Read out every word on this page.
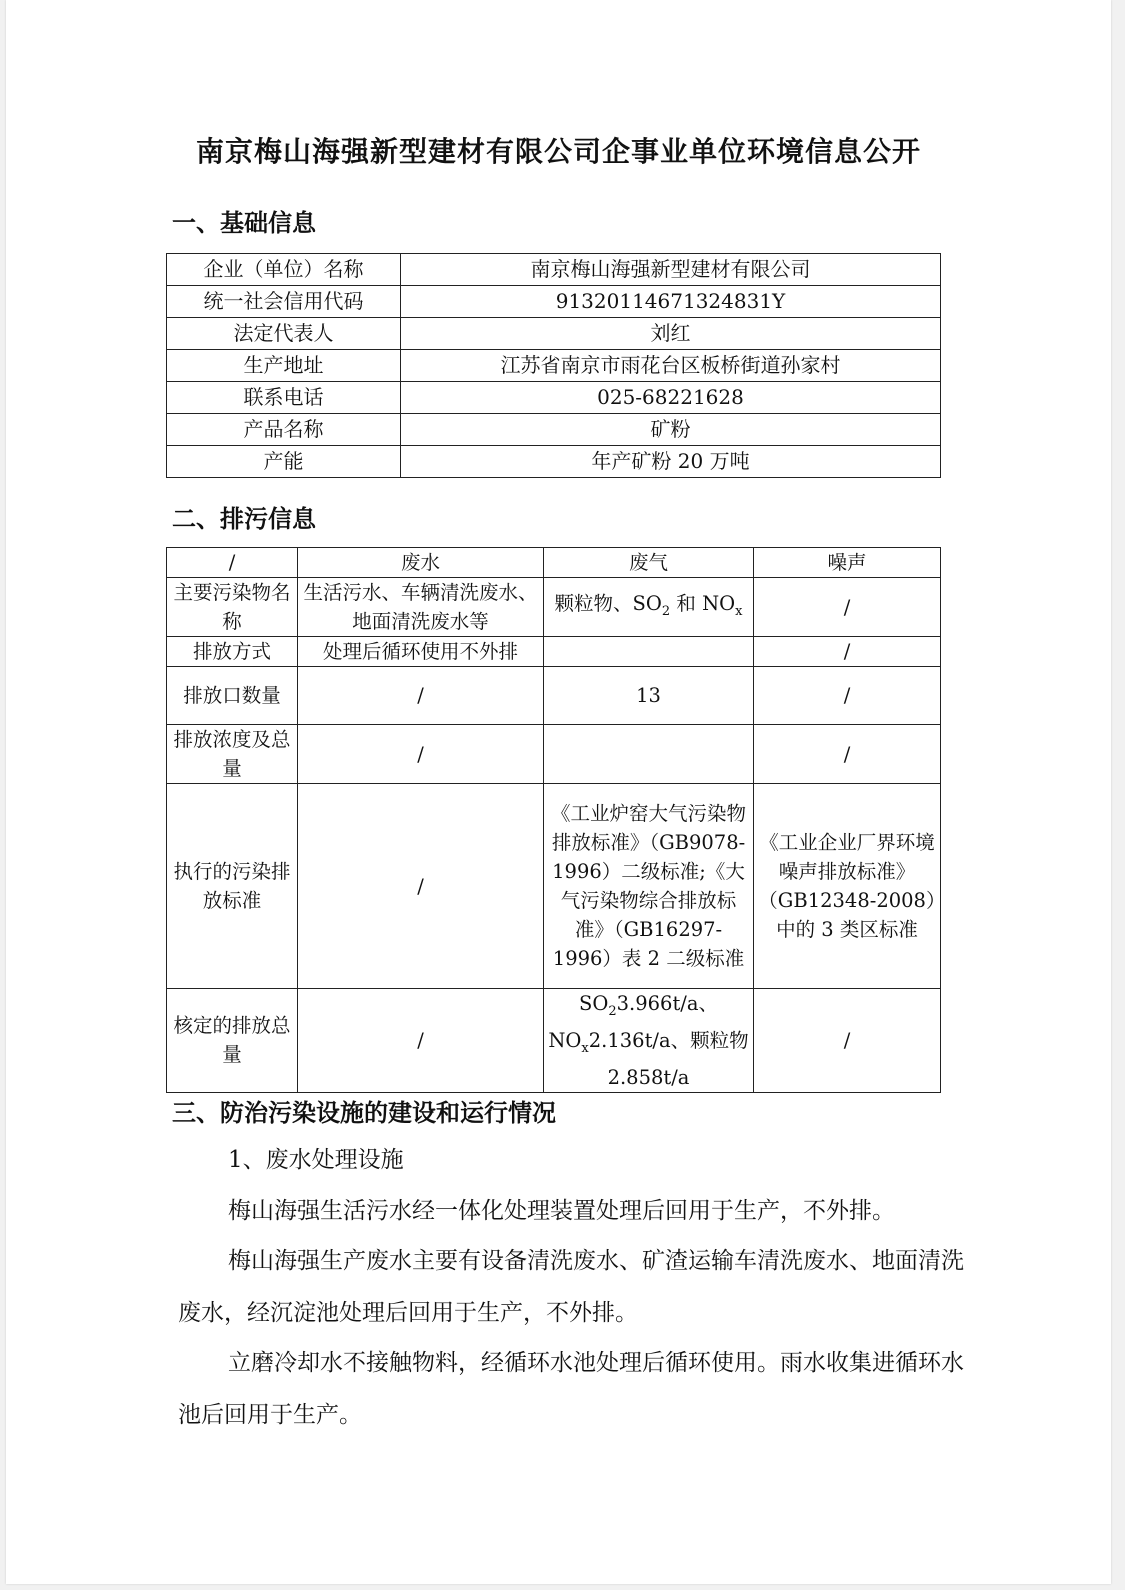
南京梅山海强新型建材有限公司企事业单位环境信息公开
一、基础信息
企业（单位）名称	南京梅山海强新型建材有限公司
统一社会信用代码	91320114671324831Y
法定代表人	刘红
生产地址	江苏省南京市雨花台区板桥街道孙家村
联系电话	025-68221628
产品名称	矿粉
产能	年产矿粉 20 万吨
二、排污信息
/	废水	废气	噪声
主要污染物名称	生活污水、车辆清洗废水、地面清洗废水等	颗粒物、$SO_2$ 和 $NO_x$	/
排放方式	处理后循环使用不外排		/
排放口数量	/	13	/
排放浓度及总量	/		/
执行的污染排放标准	/	《工业炉窑大气污染物排放标准》（GB9078-1996）二级标准;《大气污染物综合排放标准》（GB16297-1996）表 2 二级标准	《工业企业厂界环境噪声排放标准》（GB12348-2008）中的 3 类区标准
核定的排放总量	/	$SO_23.966t/a$、$NO_x2.136t/a$、颗粒物 2.858t/a	/
三、防治污染设施的建设和运行情况
1、废水处理设施
梅山海强生活污水经一体化处理装置处理后回用于生产，不外排。
梅山海强生产废水主要有设备清洗废水、矿渣运输车清洗废水、地面清洗废水，经沉淀池处理后回用于生产，不外排。
立磨冷却水不接触物料，经循环水池处理后循环使用。雨水收集进循环水池后回用于生产。
